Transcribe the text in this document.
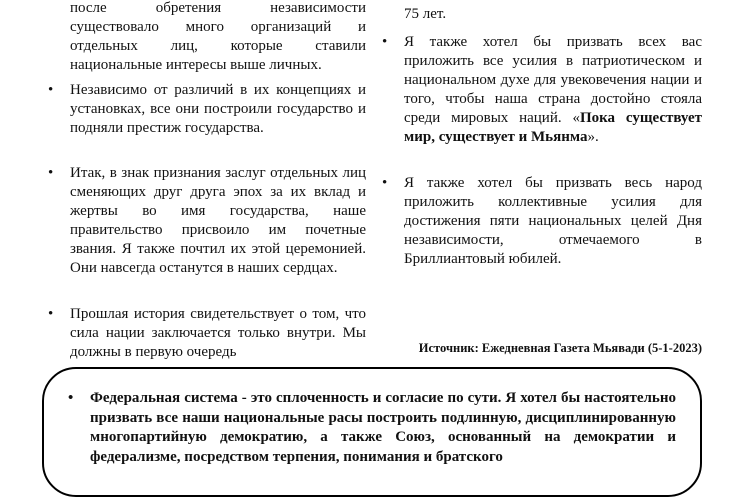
после обретения независимости существовало много организаций и отдельных лиц, которые ставили национальные интересы выше личных.
• Независимо от различий в их концепциях и установках, все они построили государство и подняли престиж государства.

• Итак, в знак признания заслуг отдельных лиц сменяющих друг друга эпох за их вклад и жертвы во имя государства, наше правительство присвоило им почетные звания. Я также почтил их этой церемонией. Они навсегда останутся в наших сердцах.

• Прошлая история свидетельствует о том, что сила нации заключается только внутри. Мы должны в первую очередь

75 лет.
• Я также хотел бы призвать всех вас приложить все усилия в патриотическом и национальном духе для увековечения нации и того, чтобы наша страна достойно стояла среди мировых наций. «Пока существует мир, существует и Мьянма».

• Я также хотел бы призвать весь народ приложить коллективные усилия для достижения пяти национальных целей Дня независимости, отмечаемого в Бриллиантовый юбилей.

Источник: Ежедневная Газета Мьявади (5-1-2023)
• Федеральная система - это сплоченность и согласие по сути. Я хотел бы настоятельно призвать все наши национальные расы построить подлинную, дисциплинированную многопартийную демократию, а также Союз, основанный на демократии и федерализме, посредством терпения, понимания и братского
